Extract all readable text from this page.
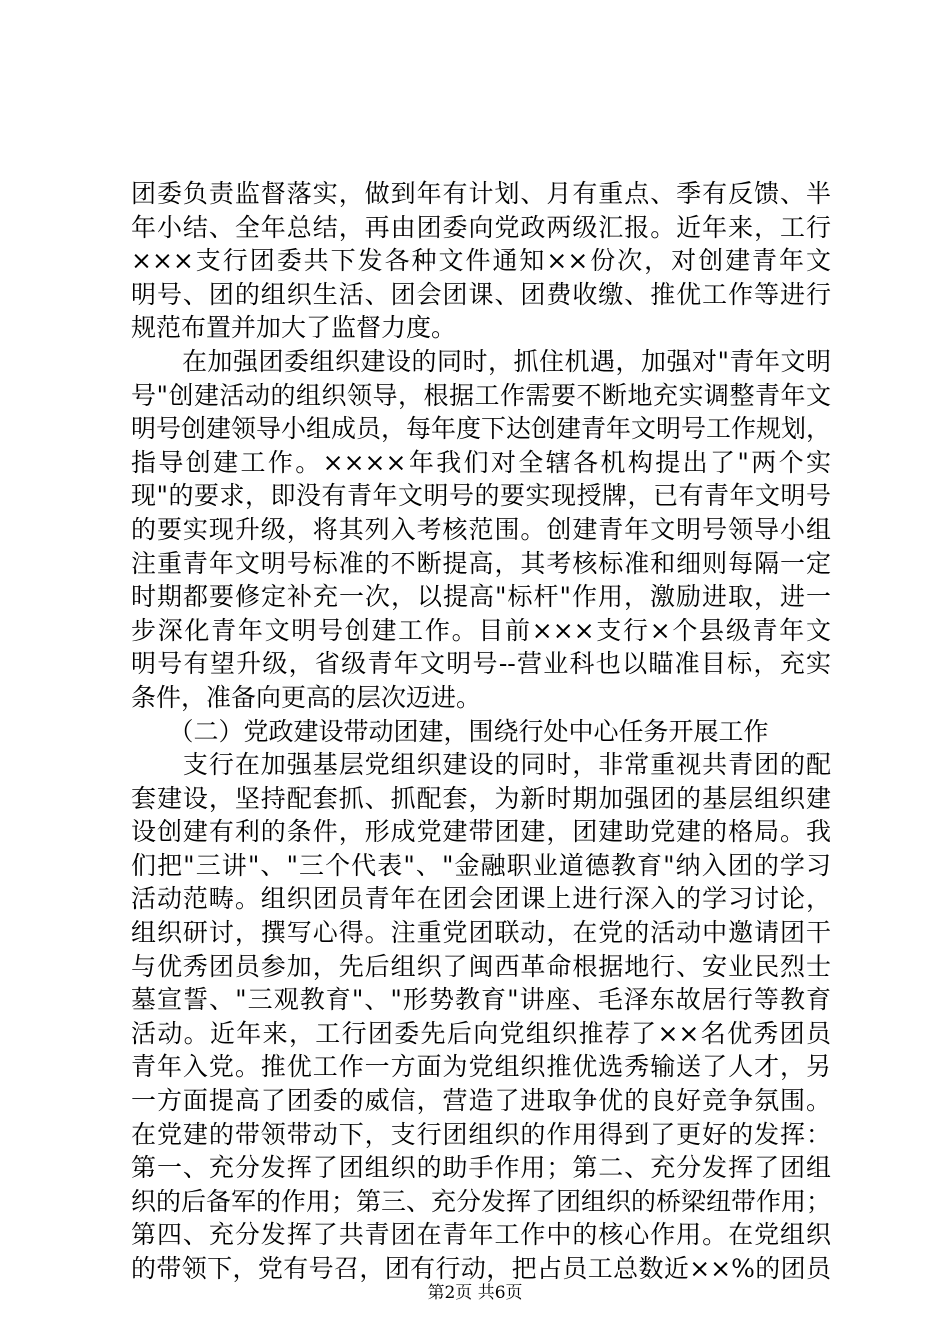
团委负责监督落实，做到年有计划、月有重点、季有反馈、半
年小结、全年总结，再由团委向党政两级汇报。近年来，工行
×××支行团委共下发各种文件通知××份次，对创建青年文
明号、团的组织生活、团会团课、团费收缴、推优工作等进行
规范布置并加大了监督力度。
　　在加强团委组织建设的同时，抓住机遇，加强对"青年文明
号"创建活动的组织领导，根据工作需要不断地充实调整青年文
明号创建领导小组成员，每年度下达创建青年文明号工作规划，
指导创建工作。××××年我们对全辖各机构提出了"两个实
现"的要求，即没有青年文明号的要实现授牌，已有青年文明号
的要实现升级，将其列入考核范围。创建青年文明号领导小组
注重青年文明号标准的不断提高，其考核标准和细则每隔一定
时期都要修定补充一次，以提高"标杆"作用，激励进取，进一
步深化青年文明号创建工作。目前×××支行×个县级青年文
明号有望升级，省级青年文明号--营业科也以瞄准目标，充实
条件，准备向更高的层次迈进。
　　（二）党政建设带动团建，围绕行处中心任务开展工作
　　支行在加强基层党组织建设的同时，非常重视共青团的配
套建设，坚持配套抓、抓配套，为新时期加强团的基层组织建
设创建有利的条件，形成党建带团建，团建助党建的格局。我
们把"三讲"、"三个代表"、"金融职业道德教育"纳入团的学习
活动范畴。组织团员青年在团会团课上进行深入的学习讨论，
组织研讨，撰写心得。注重党团联动，在党的活动中邀请团干
与优秀团员参加，先后组织了闽西革命根据地行、安业民烈士
墓宣誓、"三观教育"、"形势教育"讲座、毛泽东故居行等教育
活动。近年来，工行团委先后向党组织推荐了××名优秀团员
青年入党。推优工作一方面为党组织推优选秀输送了人才，另
一方面提高了团委的威信，营造了进取争优的良好竞争氛围。
在党建的带领带动下，支行团组织的作用得到了更好的发挥：
第一、充分发挥了团组织的助手作用；第二、充分发挥了团组
织的后备军的作用；第三、充分发挥了团组织的桥梁纽带作用；
第四、充分发挥了共青团在青年工作中的核心作用。在党组织
的带领下，党有号召，团有行动，把占员工总数近××%的团员
第2页 共6页
